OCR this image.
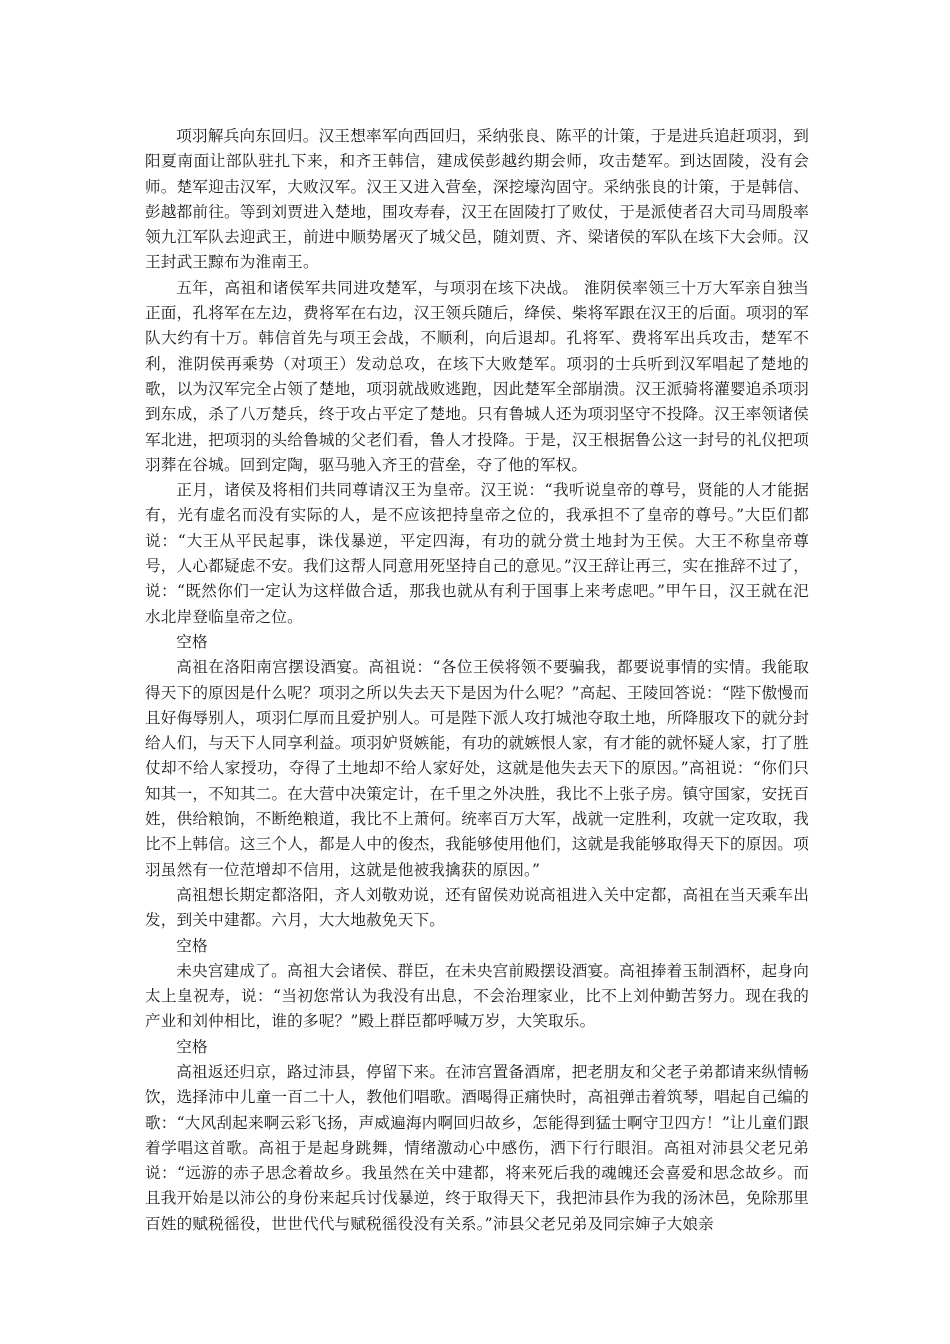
项羽解兵向东回归。汉王想率军向西回归，采纳张良、陈平的计策，于是进兵追赶项羽，到阳夏南面让部队驻扎下来，和齐王韩信，建成侯彭越约期会师，攻击楚军。到达固陵，没有会师。楚军迎击汉军，大败汉军。汉王又进入营垒，深挖壕沟固守。采纳张良的计策，于是韩信、彭越都前往。等到刘贾进入楚地，围攻寿春，汉王在固陵打了败仗，于是派使者召大司马周殷率领九江军队去迎武王，前进中顺势屠灭了城父邑，随刘贾、齐、梁诸侯的军队在垓下大会师。汉王封武王黥布为淮南王。

五年，高祖和诸侯军共同进攻楚军，与项羽在垓下决战。 淮阴侯率领三十万大军亲自独当正面，孔将军在左边，费将军在右边，汉王领兵随后，绛侯、柴将军跟在汉王的后面。项羽的军队大约有十万。韩信首先与项王会战，不顺利，向后退却。孔将军、费将军出兵攻击，楚军不利，淮阴侯再乘势（对项王）发动总攻，在垓下大败楚军。项羽的士兵听到汉军唱起了楚地的歌，以为汉军完全占领了楚地，项羽就战败逃跑，因此楚军全部崩溃。汉王派骑将灌婴追杀项羽到东成，杀了八万楚兵，终于攻占平定了楚地。只有鲁城人还为项羽坚守不投降。汉王率领诸侯军北进，把项羽的头给鲁城的父老们看，鲁人才投降。于是，汉王根据鲁公这一封号的礼仪把项羽葬在谷城。回到定陶，驱马驰入齐王的营垒，夺了他的军权。

正月，诸侯及将相们共同尊请汉王为皇帝。汉王说：“我听说皇帝的尊号，贤能的人才能据有，光有虚名而没有实际的人，是不应该把持皇帝之位的，我承担不了皇帝的尊号。”大臣们都说：“大王从平民起事，诛伐暴逆，平定四海，有功的就分赏土地封为王侯。大王不称皇帝尊号，人心都疑虑不安。我们这帮人同意用死坚持自己的意见。”汉王辞让再三，实在推辞不过了，说：“既然你们一定认为这样做合适，那我也就从有利于国事上来考虑吧。”甲午日，汉王就在汜水北岸登临皇帝之位。

空格

高祖在洛阳南宫摆设酒宴。高祖说：“各位王侯将领不要骗我，都要说事情的实情。我能取得天下的原因是什么呢？项羽之所以失去天下是因为什么呢？”高起、王陵回答说：“陛下傲慢而且好侮辱别人，项羽仁厚而且爱护别人。可是陛下派人攻打城池夺取土地，所降服攻下的就分封给人们，与天下人同享利益。项羽妒贤嫉能，有功的就嫉恨人家，有才能的就怀疑人家，打了胜仗却不给人家授功，夺得了土地却不给人家好处，这就是他失去天下的原因。”高祖说：“你们只知其一，不知其二。在大营中决策定计，在千里之外决胜，我比不上张子房。镇守国家，安抚百姓，供给粮饷，不断绝粮道，我比不上萧何。统率百万大军，战就一定胜利，攻就一定攻取，我比不上韩信。这三个人，都是人中的俊杰，我能够使用他们，这就是我能够取得天下的原因。项羽虽然有一位范增却不信用，这就是他被我擒获的原因。”

高祖想长期定都洛阳，齐人刘敬劝说，还有留侯劝说高祖进入关中定都，高祖在当天乘车出发，到关中建都。六月，大大地赦免天下。

空格

未央宫建成了。高祖大会诸侯、群臣，在未央宫前殿摆设酒宴。高祖捧着玉制酒杯，起身向太上皇祝寿，说：“当初您常认为我没有出息，不会治理家业，比不上刘仲勤苦努力。现在我的产业和刘仲相比，谁的多呢？”殿上群臣都呼喊万岁，大笑取乐。

空格

高祖返还归京，路过沛县，停留下来。在沛宫置备酒席，把老朋友和父老子弟都请来纵情畅饮，选择沛中儿童一百二十人，教他们唱歌。酒喝得正痛快时，高祖弹击着筑琴，唱起自己编的歌：“大风刮起来啊云彩飞扬，声威遍海内啊回归故乡，怎能得到猛士啊守卫四方！”让儿童们跟着学唱这首歌。高祖于是起身跳舞，情绪激动心中感伤，洒下行行眼泪。高祖对沛县父老兄弟说：“远游的赤子思念着故乡。我虽然在关中建都，将来死后我的魂魄还会喜爱和思念故乡。而且我开始是以沛公的身份来起兵讨伐暴逆，终于取得天下，我把沛县作为我的汤沐邑，免除那里百姓的赋税徭役，世世代代与赋税徭役没有关系。”沛县父老兄弟及同宗婶子大娘亲
